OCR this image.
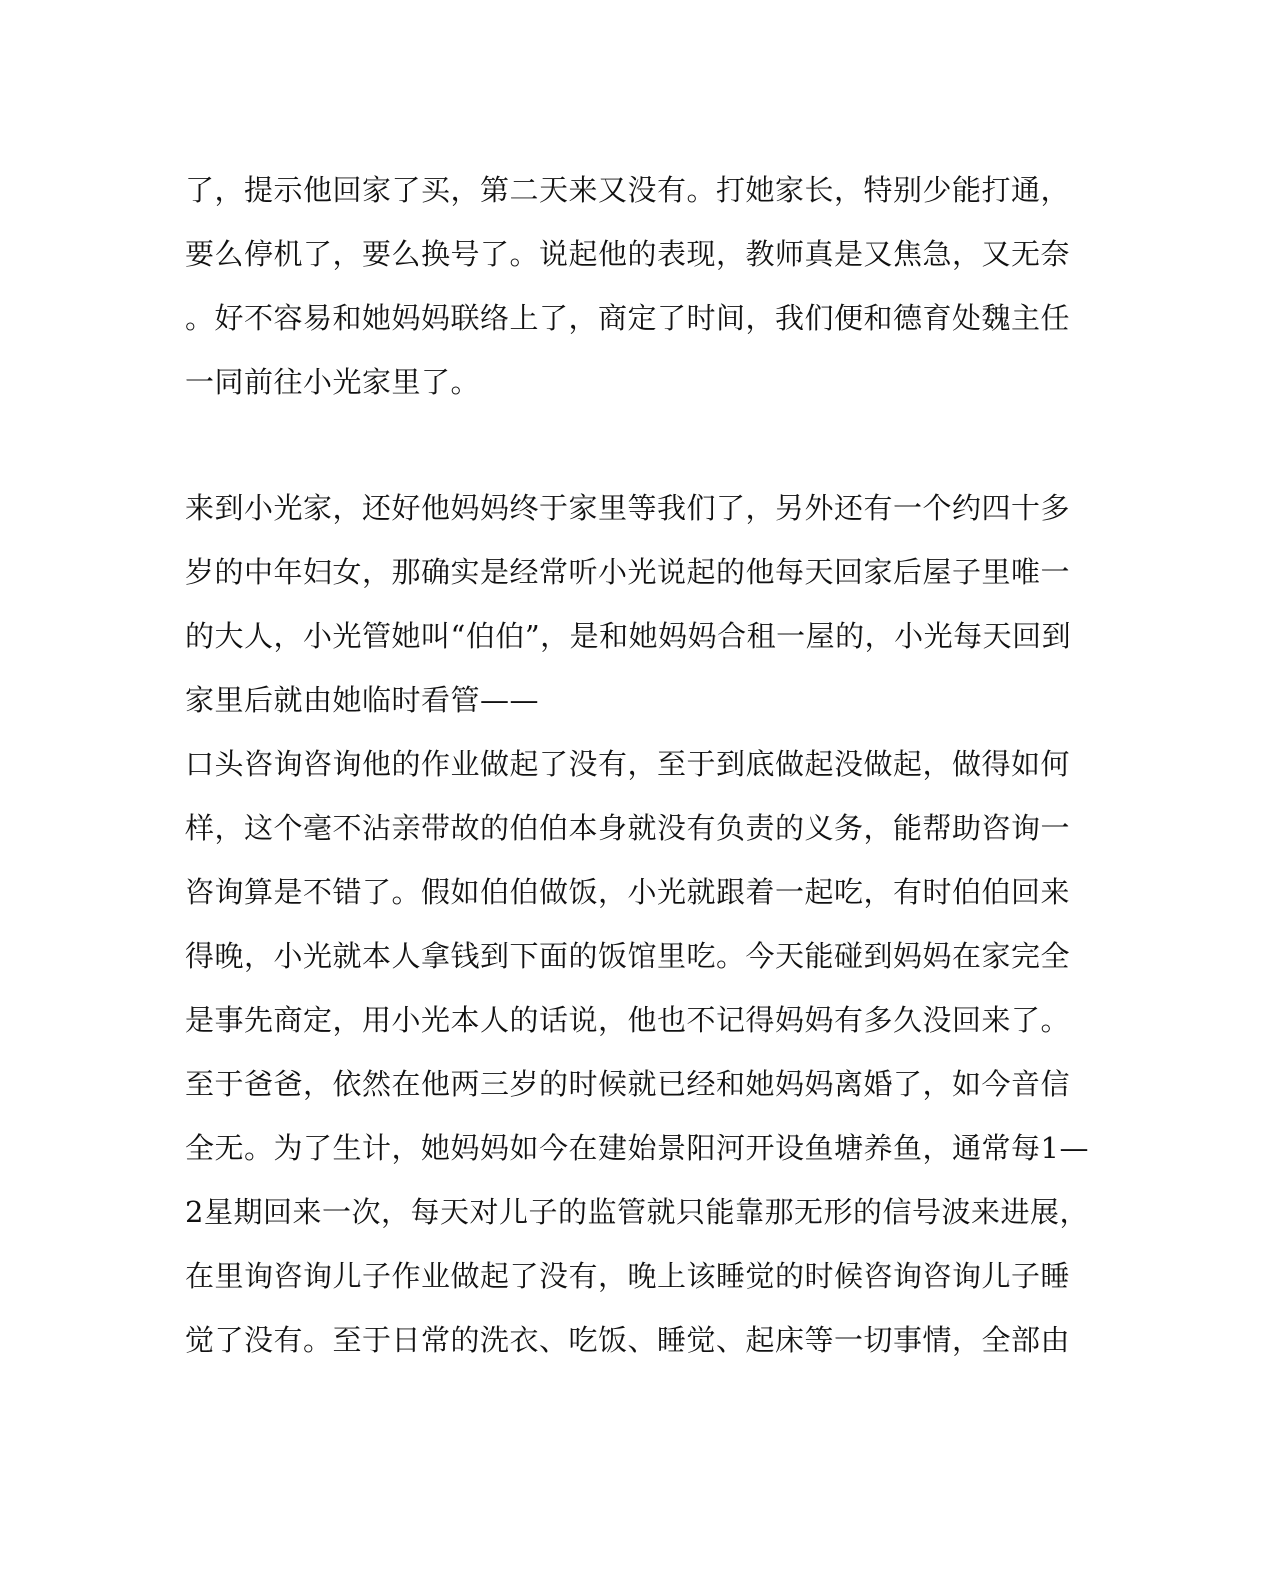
了，提示他回家了买，第二天来又没有。打她家长，特别少能打通，
要么停机了，要么换号了。说起他的表现，教师真是又焦急，又无奈
。好不容易和她妈妈联络上了，商定了时间，我们便和德育处魏主任
一同前往小光家里了。
来到小光家，还好他妈妈终于家里等我们了，另外还有一个约四十多
岁的中年妇女，那确实是经常听小光说起的他每天回家后屋子里唯一
的大人，小光管她叫“伯伯”，是和她妈妈合租一屋的，小光每天回到
家里后就由她临时看管——
口头咨询咨询他的作业做起了没有，至于到底做起没做起，做得如何
样，这个毫不沾亲带故的伯伯本身就没有负责的义务，能帮助咨询一
咨询算是不错了。假如伯伯做饭，小光就跟着一起吃，有时伯伯回来
得晚，小光就本人拿钱到下面的饭馆里吃。今天能碰到妈妈在家完全
是事先商定，用小光本人的话说，他也不记得妈妈有多久没回来了。
至于爸爸，依然在他两三岁的时候就已经和她妈妈离婚了，如今音信
全无。为了生计，她妈妈如今在建始景阳河开设鱼塘养鱼，通常每1—
2星期回来一次，每天对儿子的监管就只能靠那无形的信号波来进展，
在里询咨询儿子作业做起了没有，晚上该睡觉的时候咨询咨询儿子睡
觉了没有。至于日常的洗衣、吃饭、睡觉、起床等一切事情，全部由
